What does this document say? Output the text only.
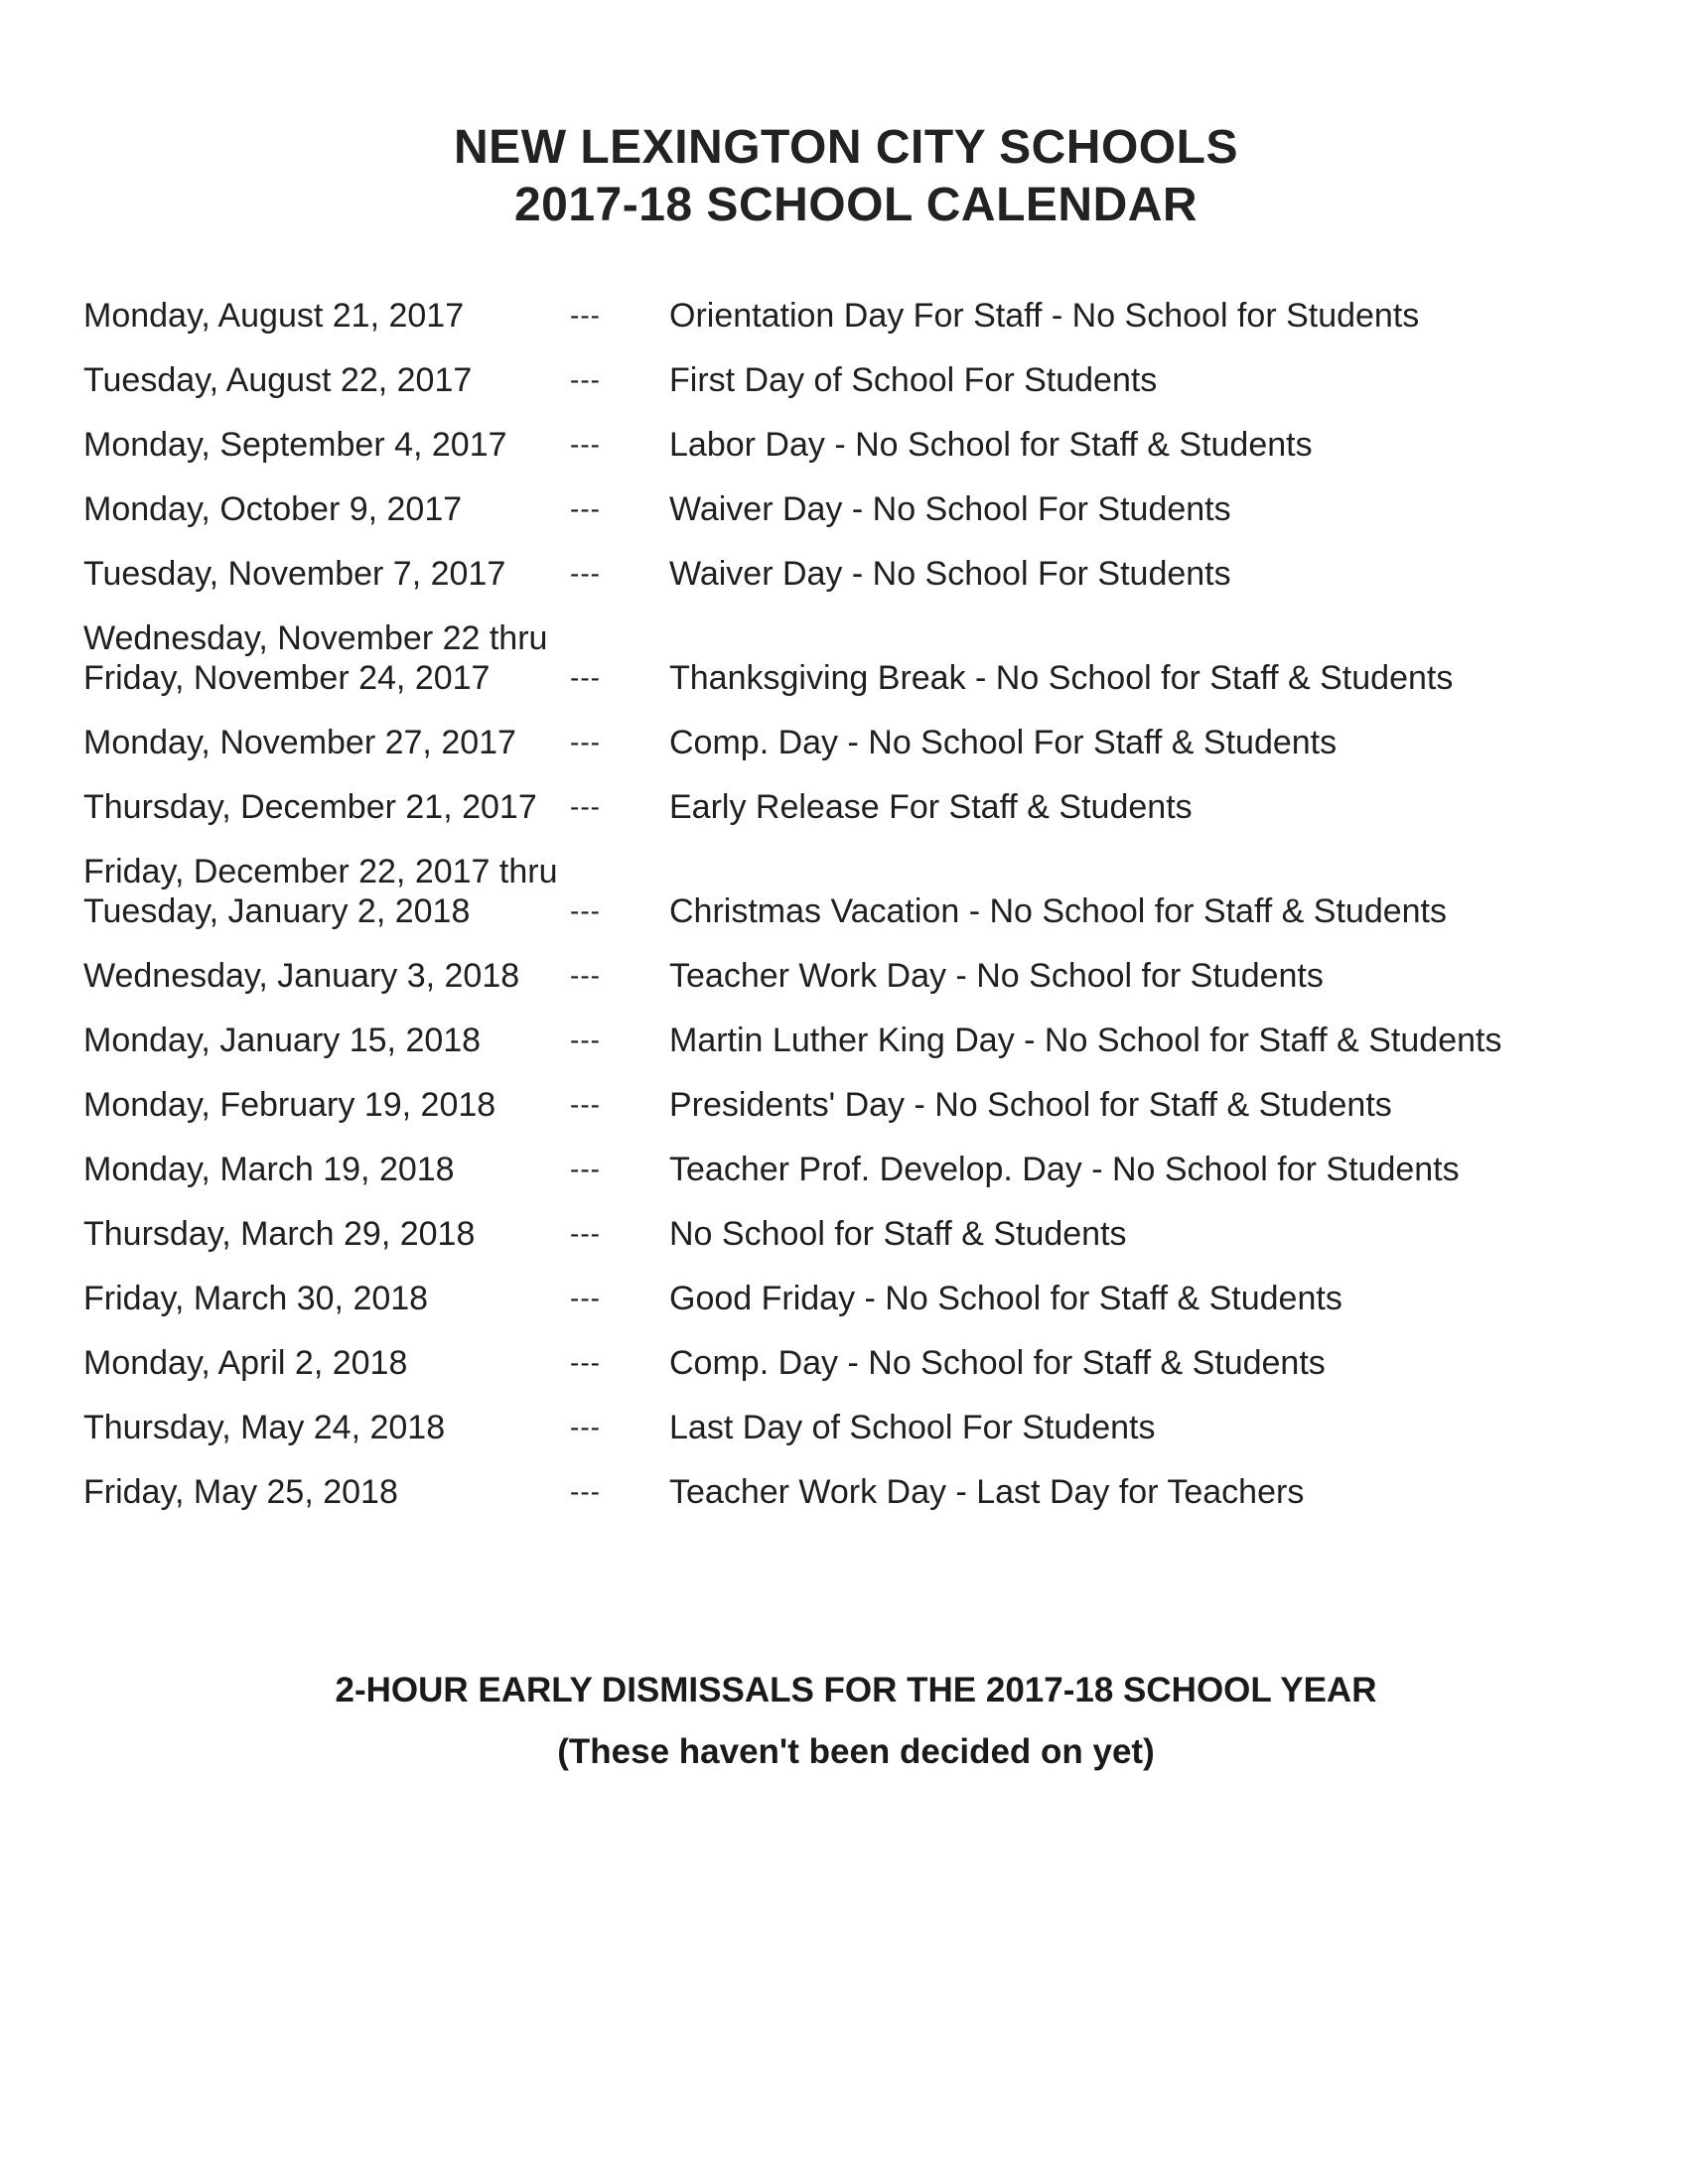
NEW LEXINGTON CITY SCHOOLS
2017-18 SCHOOL CALENDAR
Monday, August 21, 2017	---	Orientation Day For Staff - No School for Students
Tuesday, August 22, 2017	---	First Day of School For Students
Monday, September 4, 2017	---	Labor Day - No School for Staff & Students
Monday, October 9, 2017	---	Waiver Day - No School For Students
Tuesday, November 7, 2017	---	Waiver Day - No School For Students
Wednesday, November 22 thru
Friday, November 24, 2017	---	Thanksgiving Break - No School for Staff & Students
Monday, November 27, 2017	---	Comp. Day - No School For Staff & Students
Thursday, December 21, 2017	---	Early Release For Staff & Students
Friday, December 22, 2017 thru
Tuesday, January 2, 2018	---	Christmas Vacation - No School for Staff & Students
Wednesday, January 3, 2018	---	Teacher Work Day - No School for Students
Monday, January 15, 2018	---	Martin Luther King Day - No School for Staff & Students
Monday, February 19, 2018	---	Presidents' Day - No School for Staff & Students
Monday, March 19, 2018	---	Teacher Prof. Develop. Day - No School for Students
Thursday, March 29, 2018	---	No School for Staff & Students
Friday, March 30, 2018	---	Good Friday - No School for Staff & Students
Monday, April 2, 2018	---	Comp. Day - No School for Staff & Students
Thursday, May 24, 2018	---	Last Day of School For Students
Friday, May 25, 2018	---	Teacher Work Day - Last Day for Teachers
2-HOUR EARLY DISMISSALS FOR THE 2017-18 SCHOOL YEAR
(These haven't been decided on yet)
